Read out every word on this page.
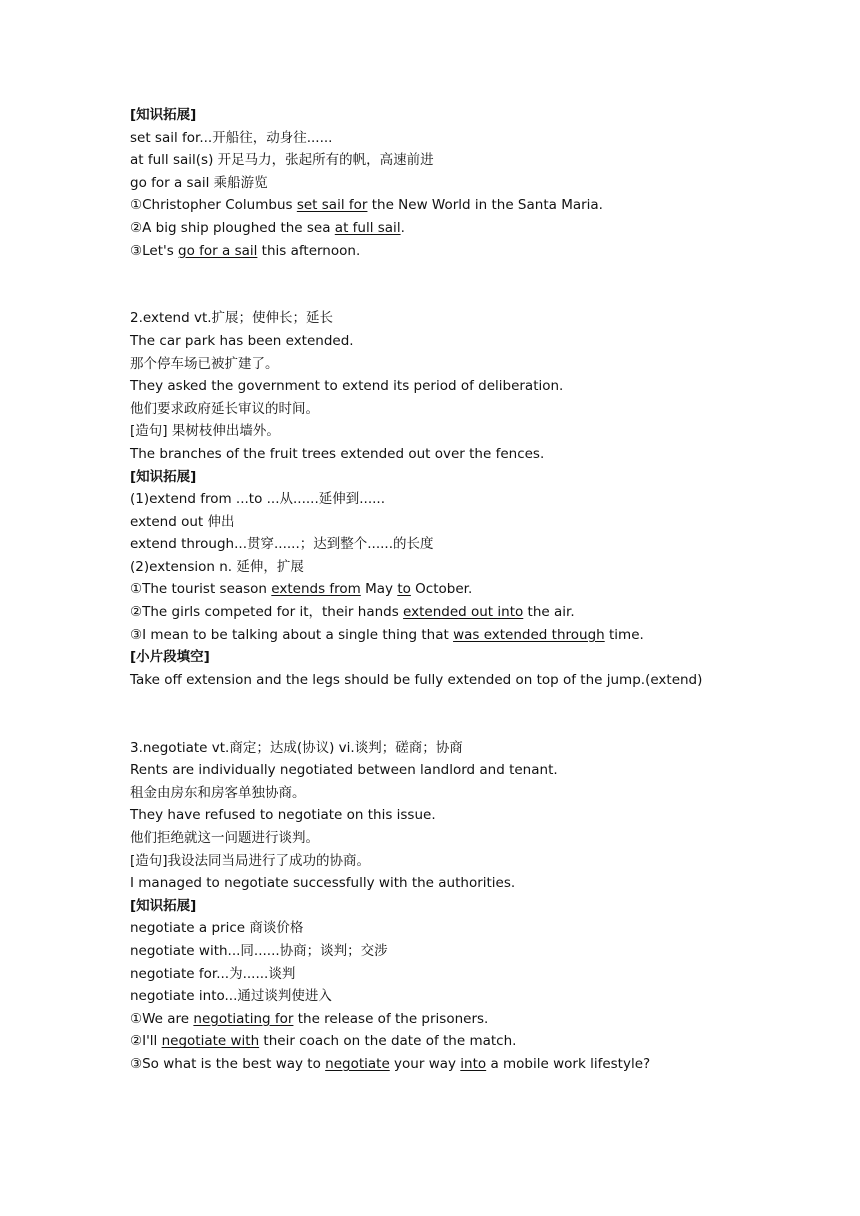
[知识拓展]
set sail for...开船往，动身往......
at full sail(s) 开足马力，张起所有的帆，高速前进
go for a sail 乘船游览
①Christopher Columbus set sail for the New World in the Santa Maria.
②A big ship ploughed the sea at full sail.
③Let's go for a sail this afternoon.
2.extend vt.扩展；使伸长；延长
The car park has been extended.
那个停车场已被扩建了。
They asked the government to extend its period of deliberation.
他们要求政府延长审议的时间。
[造句] 果树枝伸出墙外。
The branches of the fruit trees extended out over the fences.
[知识拓展]
(1)extend from ...to ...从......延伸到......
extend out 伸出
extend through...贯穿......；达到整个......的长度
(2)extension n. 延伸，扩展
①The tourist season extends from May to October.
②The girls competed for it，their hands extended out into the air.
③I mean to be talking about a single thing that was extended through time.
[小片段填空]
Take off extension and the legs should be fully extended on top of the jump.(extend)
3.negotiate vt.商定；达成(协议) vi.谈判；磋商；协商
Rents are individually negotiated between landlord and tenant.
租金由房东和房客单独协商。
They have refused to negotiate on this issue.
他们拒绝就这一问题进行谈判。
[造句]我设法同当局进行了成功的协商。
I managed to negotiate successfully with the authorities.
[知识拓展]
negotiate a price 商谈价格
negotiate with...同......协商；谈判；交涉
negotiate for...为......谈判
negotiate into...通过谈判使进入
①We are negotiating for the release of the prisoners.
②I'll negotiate with their coach on the date of the match.
③So what is the best way to negotiate your way into a mobile work lifestyle?
